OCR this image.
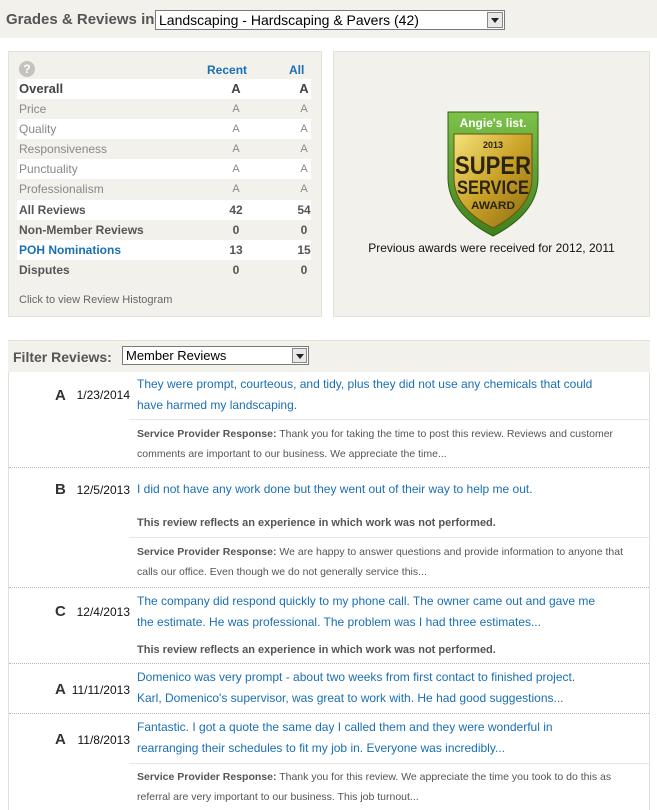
Grades & Reviews in Landscaping - Hardscaping & Pavers (42)
?	Recent	All
Overall	A	A
Price	A	A
Quality	A	A
Responsiveness	A	A
Punctuality	A	A
Professionalism	A	A
All Reviews	42	54
Non-Member Reviews	0	0
POH Nominations	13	15
Disputes	0	0
Click to view Review Histogram
Angie's list.
2013
SUPER
SERVICE
AWARD
Previous awards were received for 2012, 2011
Filter Reviews:	Member Reviews
A 1/23/2014
They were prompt, courteous, and tidy, plus they did not use any chemicals that could have harmed my landscaping.
Service Provider Response: Thank you for taking the time to post this review. Reviews and customer comments are important to our business. We appreciate the time...
B 12/5/2013 I did not have any work done but they went out of their way to help me out.
This review reflects an experience in which work was not performed.
Service Provider Response: We are happy to answer questions and provide information to anyone that calls our office. Even though we do not generally service this...
C 12/4/2013
The company did respond quickly to my phone call. The owner came out and gave me the estimate. He was professional. The problem was I had three estimates...
This review reflects an experience in which work was not performed.
A 11/11/2013
Domenico was very prompt - about two weeks from first contact to finished project. Karl, Domenico's supervisor, was great to work with. He had good suggestions...
A 11/8/2013
Fantastic. I got a quote the same day I called them and they were wonderful in rearranging their schedules to fit my job in. Everyone was incredibly...
Service Provider Response: Thank you for this review. We appreciate the time you took to do this as referral are very important to our business. This job turnout...
